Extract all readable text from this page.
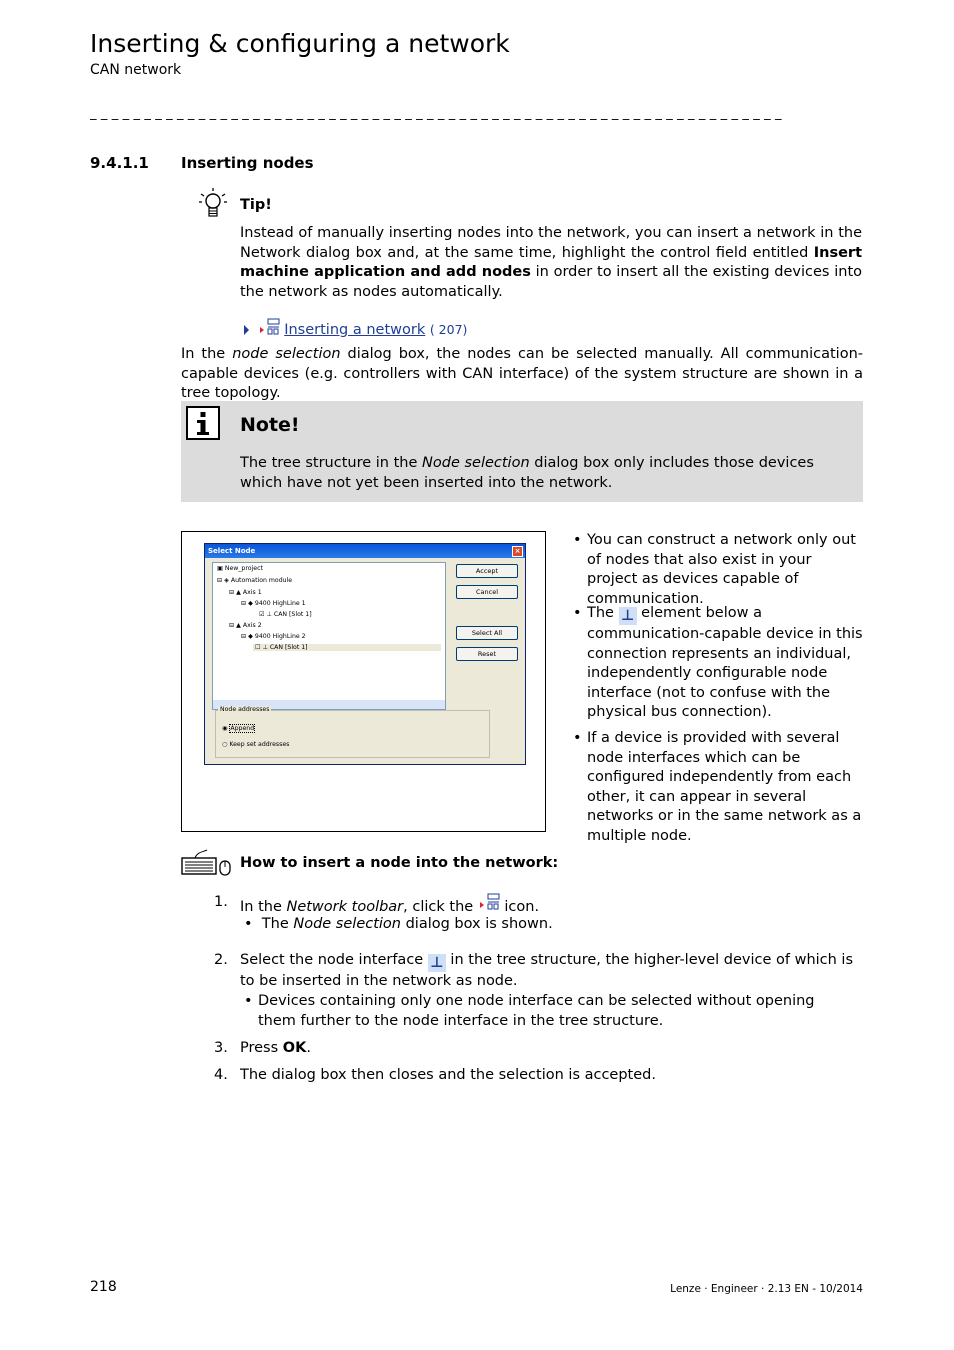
Inserting & configuring a network
CAN network
_ _ _ _ _ _ _ _ _ _ _ _ _ _ _ _ _ _ _ _ _ _ _ _ _ _ _ _ _ _ _ _ _ _ _ _ _ _ _ _ _ _ _ _ _ _ _ _ _ _ _ _ _ _ _ _ _ _ _ _ _ _ _ _
9.4.1.1 Inserting nodes
Tip!
Instead of manually inserting nodes into the network, you can insert a network in the Network dialog box and, at the same time, highlight the control field entitled Insert machine application and add nodes in order to insert all the existing devices into the network as nodes automatically.
Inserting a network ( 207)
In the node selection dialog box, the nodes can be selected manually. All communication-capable devices (e.g. controllers with CAN interface) of the system structure are shown in a tree topology.
Note!
The tree structure in the Node selection dialog box only includes those devices which have not yet been inserted into the network.
Select Node	×
▣ New_project
⊟ ◈ Automation module
⊟ ▲ Axis 1
⊟ ◆ 9400 HighLine 1
☑ ⊥ CAN [Slot 1]
⊟ ▲ Axis 2
⊟ ◆ 9400 HighLine 2
☐ ⊥ CAN [Slot 1]
Accept
Cancel
Select All
Reset
Node addresses
◉ Append
○ Keep set addresses
• You can construct a network only out of nodes that also exist in your project as devices capable of communication.
• The ⊥ element below a communication-capable device in this connection represents an individual, independently configurable node interface (not to confuse with the physical bus connection).
• If a device is provided with several node interfaces which can be configured independently from each other, it can appear in several networks or in the same network as a multiple node.
How to insert a node into the network:
1. In the Network toolbar, click the  icon.
•  The Node selection dialog box is shown.
2. Select the node interface ⊥ in the tree structure, the higher-level device of which is to be inserted in the network as node.
• Devices containing only one node interface can be selected without opening them further to the node interface in the tree structure.
3. Press OK.
4. The dialog box then closes and the selection is accepted.
218	Lenze · Engineer · 2.13 EN - 10/2014
